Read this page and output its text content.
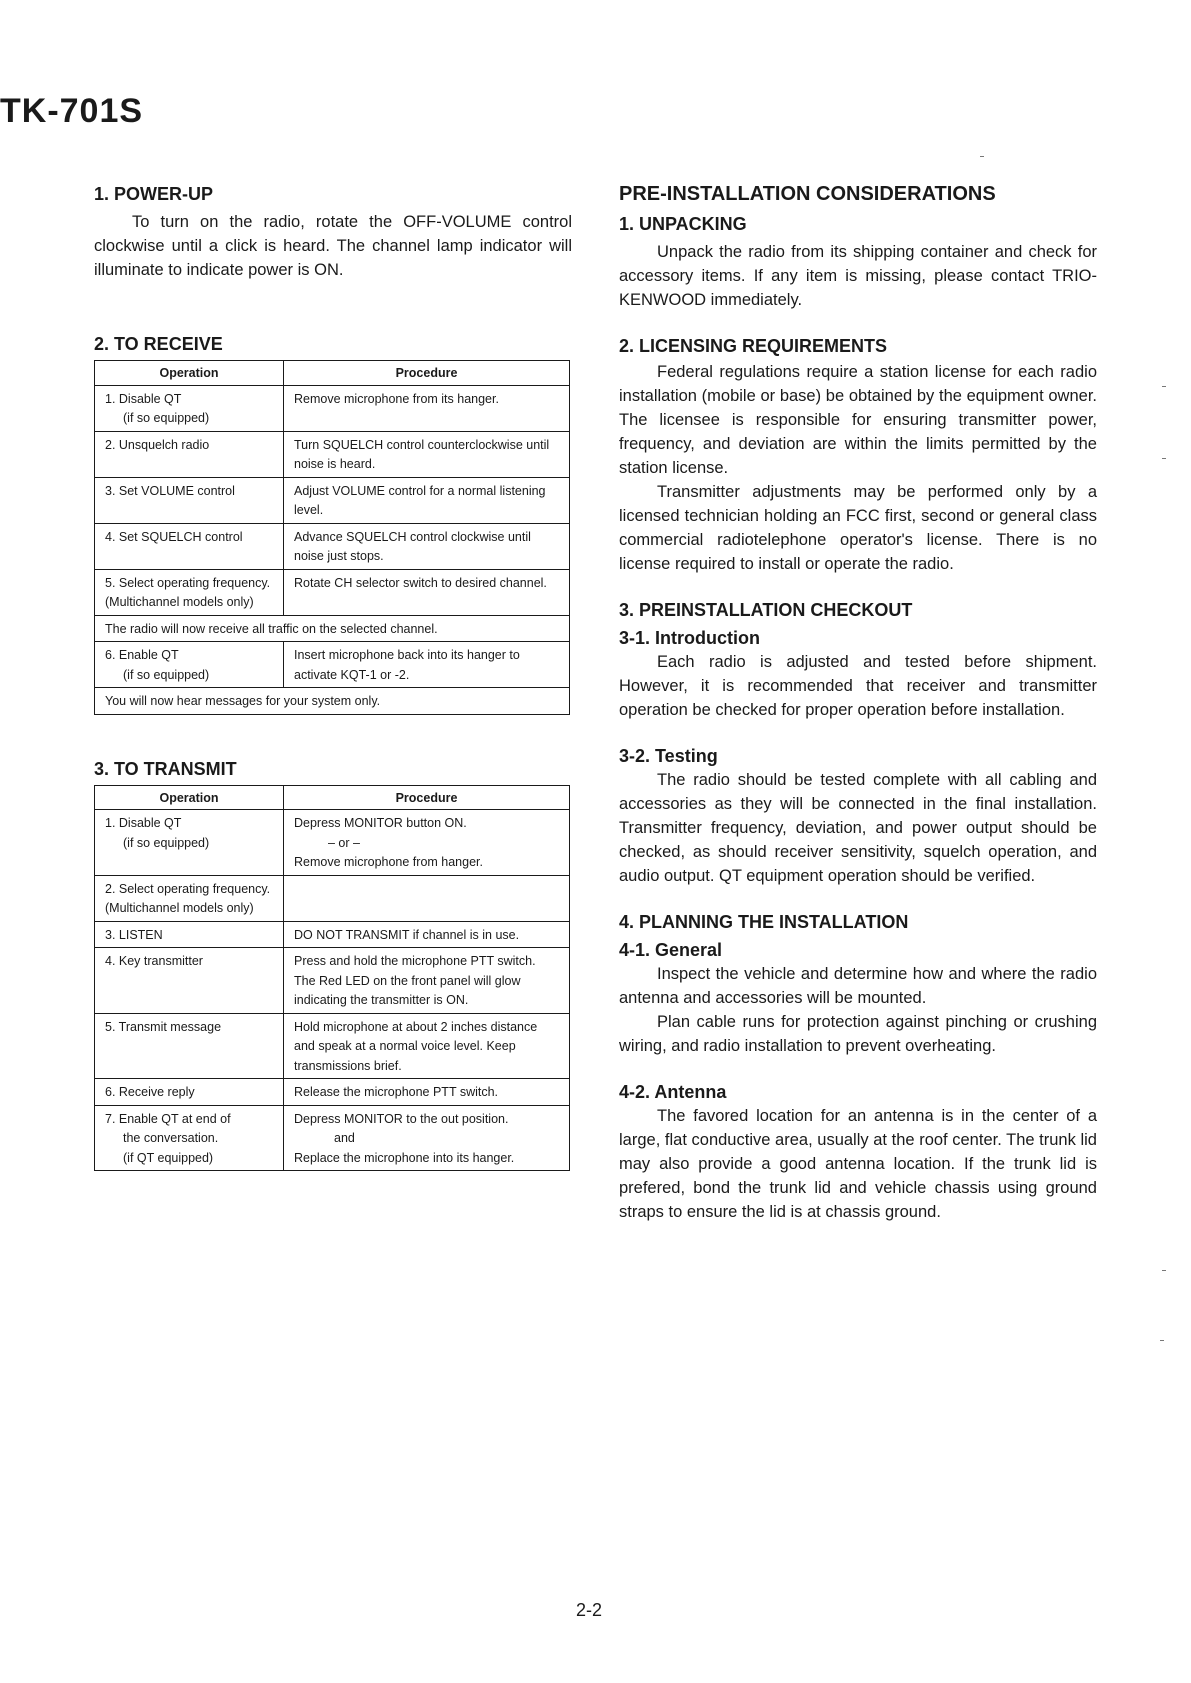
TK-701S
1. POWER-UP

To turn on the radio, rotate the OFF-VOLUME control clockwise until a click is heard. The channel lamp indicator will illuminate to indicate power is ON.

2. TO RECEIVE
Operation	Procedure
1. Disable QT
(if so equipped)	Remove microphone from its hanger.
2. Unsquelch radio	Turn SQUELCH control counterclockwise until noise is heard.
3. Set VOLUME control	Adjust VOLUME control for a normal listening level.
4. Set SQUELCH control	Advance SQUELCH control clockwise until noise just stops.
5. Select operating frequency. (Multichannel models only)	Rotate CH selector switch to desired channel.
The radio will now receive all traffic on the selected channel.	
6. Enable QT
(if so equipped)	Insert microphone back into its hanger to activate KQT-1 or -2.
You will now hear messages for your system only.	
3. TO TRANSMIT
Operation	Procedure
1. Disable QT
(if so equipped)	Depress MONITOR button ON.
– or –
Remove microphone from hanger.
2. Select operating frequency. (Multichannel models only)	
3. LISTEN	DO NOT TRANSMIT if channel is in use.
4. Key transmitter	Press and hold the microphone PTT switch. The Red LED on the front panel will glow indicating the transmitter is ON.
5. Transmit message	Hold microphone at about 2 inches distance and speak at a normal voice level. Keep transmissions brief.
6. Receive reply	Release the microphone PTT switch.
7. Enable QT at end of
the conversation.
(if QT equipped)	Depress MONITOR to the out position.
and
Replace the microphone into its hanger.
PRE-INSTALLATION CONSIDERATIONS
1. UNPACKING

Unpack the radio from its shipping container and check for accessory items. If any item is missing, please contact TRIO-KENWOOD immediately.

2. LICENSING REQUIREMENTS

Federal regulations require a station license for each radio installation (mobile or base) be obtained by the equipment owner. The licensee is responsible for ensuring transmitter power, frequency, and deviation are within the limits permitted by the station license.

Transmitter adjustments may be performed only by a licensed technician holding an FCC first, second or general class commercial radiotelephone operator's license. There is no license required to install or operate the radio.

3. PREINSTALLATION CHECKOUT
3-1. Introduction

Each radio is adjusted and tested before shipment. However, it is recommended that receiver and transmitter operation be checked for proper operation before installation.

3-2. Testing

The radio should be tested complete with all cabling and accessories as they will be connected in the final installation. Transmitter frequency, deviation, and power output should be checked, as should receiver sensitivity, squelch operation, and audio output. QT equipment operation should be verified.

4. PLANNING THE INSTALLATION
4-1. General

Inspect the vehicle and determine how and where the radio antenna and accessories will be mounted.

Plan cable runs for protection against pinching or crushing wiring, and radio installation to prevent overheating.

4-2. Antenna

The favored location for an antenna is in the center of a large, flat conductive area, usually at the roof center. The trunk lid may also provide a good antenna location. If the trunk lid is prefered, bond the trunk lid and vehicle chassis using ground straps to ensure the lid is at chassis ground.

2-2
